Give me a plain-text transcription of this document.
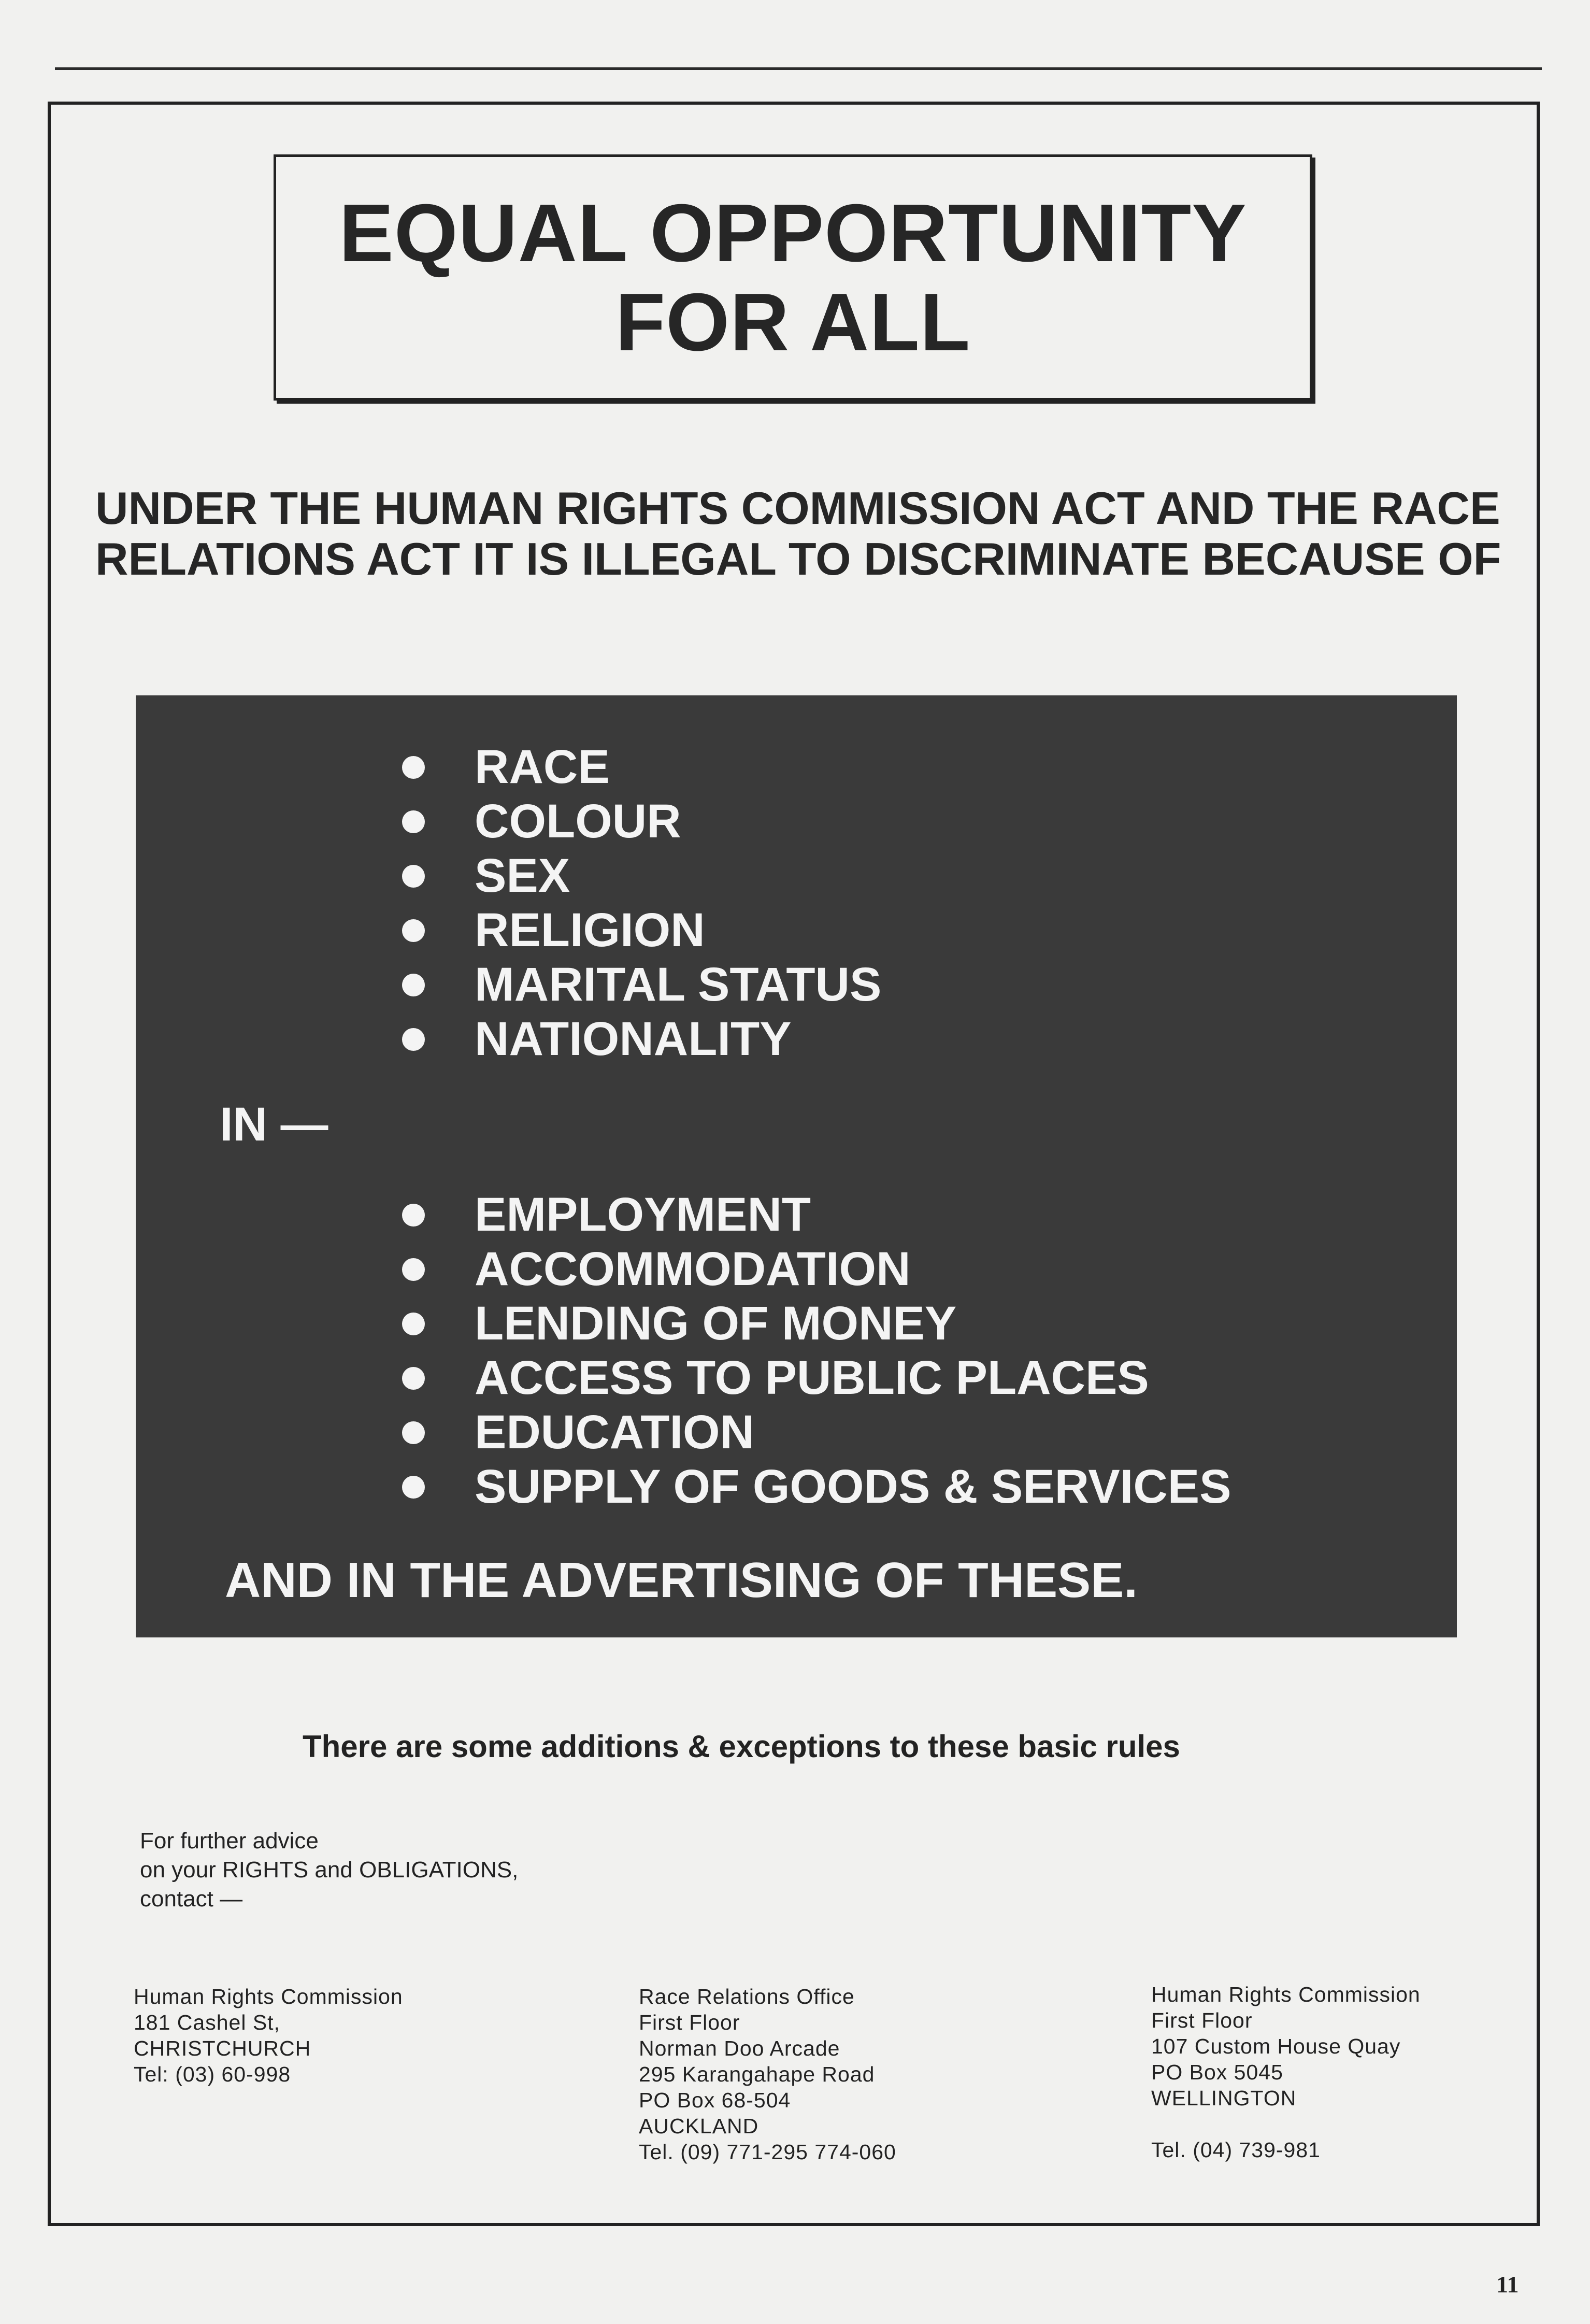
EQUAL OPPORTUNITY
FOR ALL
UNDER THE HUMAN RIGHTS COMMISSION ACT AND THE RACE
RELATIONS ACT IT IS ILLEGAL TO DISCRIMINATE BECAUSE OF
RACE
COLOUR
SEX
RELIGION
MARITAL STATUS
NATIONALITY
IN —
EMPLOYMENT
ACCOMMODATION
LENDING OF MONEY
ACCESS TO PUBLIC PLACES
EDUCATION
SUPPLY OF GOODS & SERVICES
AND IN THE ADVERTISING OF THESE.
There are some additions & exceptions to these basic rules
For further advice
on your RIGHTS and OBLIGATIONS,
contact —
Human Rights Commission
181 Cashel St,
CHRISTCHURCH
Tel: (03) 60-998
Race Relations Office
First Floor
Norman Doo Arcade
295 Karangahape Road
PO Box 68-504
AUCKLAND
Tel. (09) 771-295 774-060
Human Rights Commission
First Floor
107 Custom House Quay
PO Box 5045
WELLINGTON
Tel. (04) 739-981
11
